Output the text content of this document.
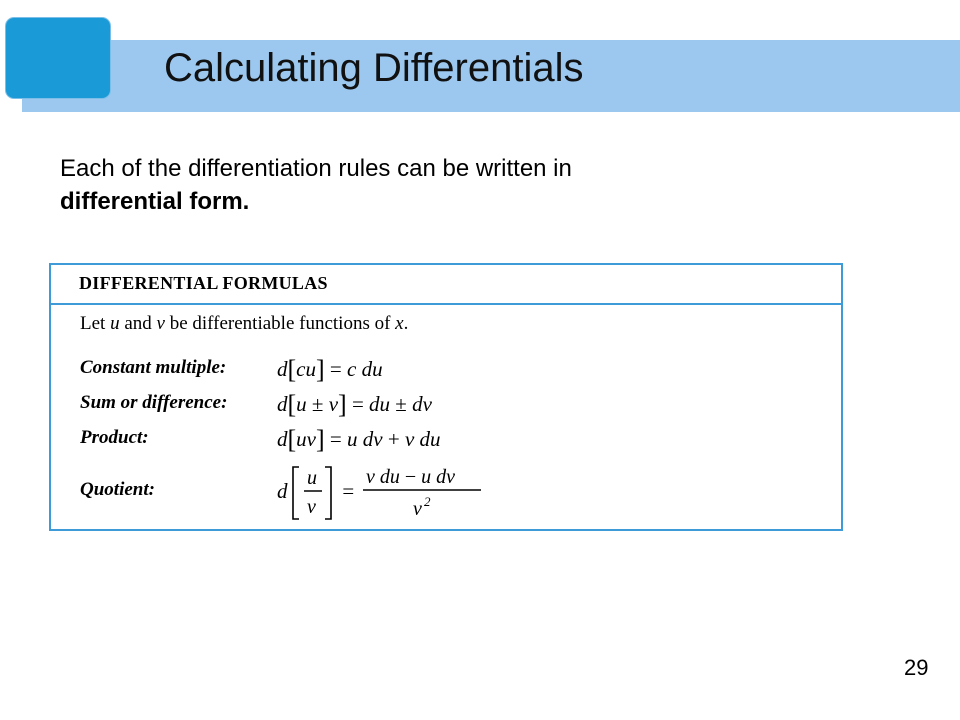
Calculating Differentials
Each of the differentiation rules can be written in
differential form.
DIFFERENTIAL FORMULAS
Let u and v be differentiable functions of x.
Constant multiple: d[cu] = c du
Sum or difference: d[u ± v] = du ± dv
Product:	d[uv] = u dv + v du
Quotient:	d
u
v
=
v du − u dv
v 2
29
